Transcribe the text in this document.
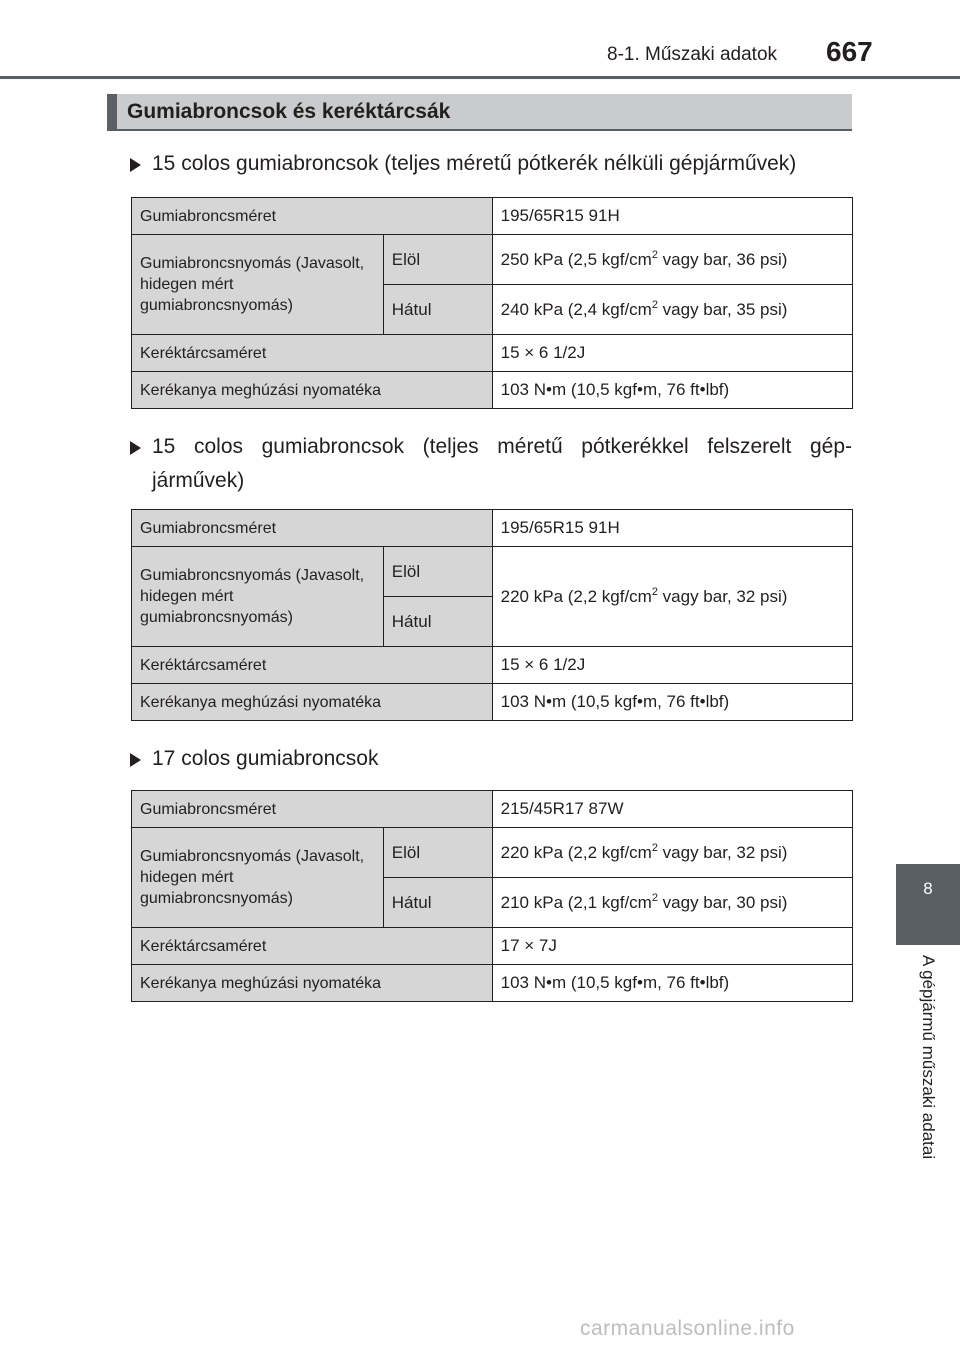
8-1. Műszaki adatok 667
Gumiabroncsok és keréktárcsák
15 colos gumiabroncsok (teljes méretű pótkerék nélküli gépjárművek)
Gumiabroncsméret		195/65R15 91H
Gumiabroncsnyomás (Javasolt, hidegen mért gumiabroncsnyomás)	Elöl	250 kPa (2,5 kgf/$cm^2$ vagy bar, 36 psi)
	Hátul	240 kPa (2,4 kgf/$cm^2$ vagy bar, 35 psi)
Keréktárcsaméret		15 × 6 1/2J
Kerékanya meghúzási nyomatéka		103 N•m (10,5 kgf•m, 76 ft•lbf)
15 colos gumiabroncsok (teljes méretű pótkerékkel felszerelt gép-járművek)
Gumiabroncsméret		195/65R15 91H
Gumiabroncsnyomás (Javasolt, hidegen mért gumiabroncsnyomás)	Elöl	220 kPa (2,2 kgf/$cm^2$ vagy bar, 32 psi)
	Hátul	
Keréktárcsaméret		15 × 6 1/2J
Kerékanya meghúzási nyomatéka		103 N•m (10,5 kgf•m, 76 ft•lbf)
17 colos gumiabroncsok
Gumiabroncsméret		215/45R17 87W
Gumiabroncsnyomás (Javasolt, hidegen mért gumiabroncsnyomás)	Elöl	220 kPa (2,2 kgf/$cm^2$ vagy bar, 32 psi)
	Hátul	210 kPa (2,1 kgf/$cm^2$ vagy bar, 30 psi)
Keréktárcsaméret		17 × 7J
Kerékanya meghúzási nyomatéka		103 N•m (10,5 kgf•m, 76 ft•lbf)
8
A gépjármű műszaki adatai
carmanualsonline.info
